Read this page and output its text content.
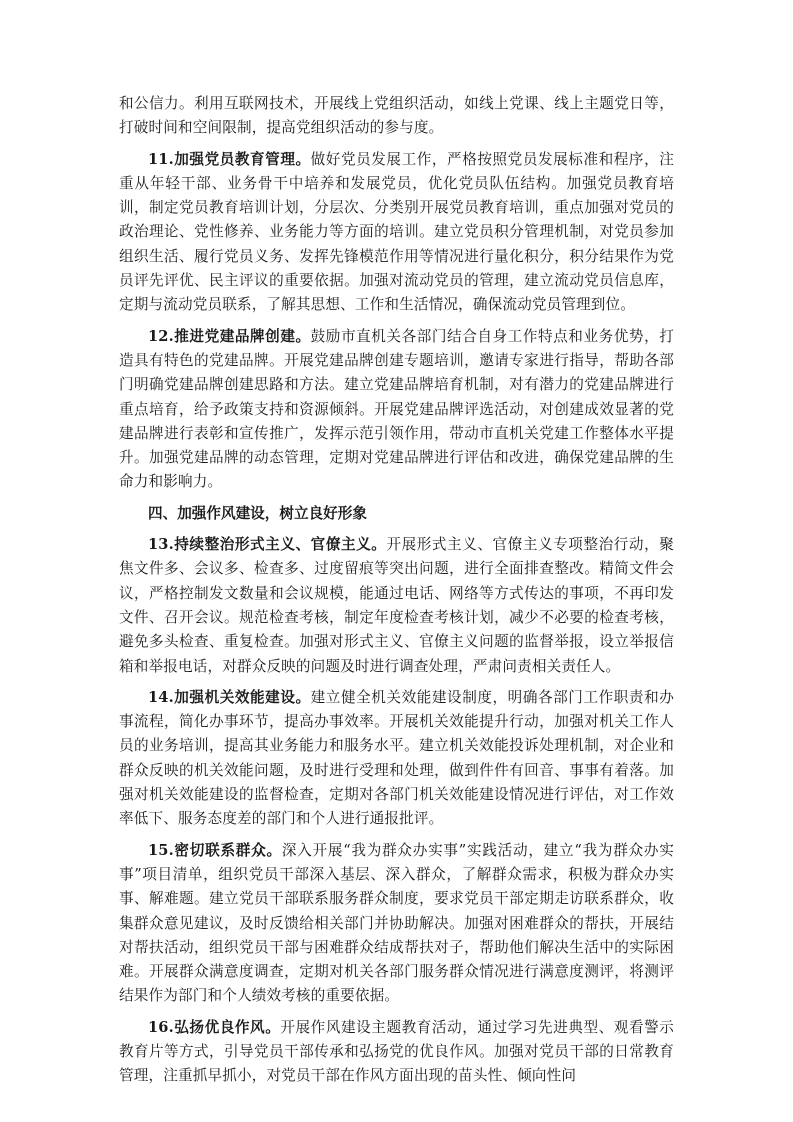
和公信力。利用互联网技术，开展线上党组织活动，如线上党课、线上主题党日等，打破时间和空间限制，提高党组织活动的参与度。

11.加强党员教育管理。做好党员发展工作，严格按照党员发展标准和程序，注重从年轻干部、业务骨干中培养和发展党员，优化党员队伍结构。加强党员教育培训，制定党员教育培训计划，分层次、分类别开展党员教育培训，重点加强对党员的政治理论、党性修养、业务能力等方面的培训。建立党员积分管理机制，对党员参加组织生活、履行党员义务、发挥先锋模范作用等情况进行量化积分，积分结果作为党员评先评优、民主评议的重要依据。加强对流动党员的管理，建立流动党员信息库，定期与流动党员联系，了解其思想、工作和生活情况，确保流动党员管理到位。

12.推进党建品牌创建。鼓励市直机关各部门结合自身工作特点和业务优势，打造具有特色的党建品牌。开展党建品牌创建专题培训，邀请专家进行指导，帮助各部门明确党建品牌创建思路和方法。建立党建品牌培育机制，对有潜力的党建品牌进行重点培育，给予政策支持和资源倾斜。开展党建品牌评选活动，对创建成效显著的党建品牌进行表彰和宣传推广，发挥示范引领作用，带动市直机关党建工作整体水平提升。加强党建品牌的动态管理，定期对党建品牌进行评估和改进，确保党建品牌的生命力和影响力。

四、加强作风建设，树立良好形象

13.持续整治形式主义、官僚主义。开展形式主义、官僚主义专项整治行动，聚焦文件多、会议多、检查多、过度留痕等突出问题，进行全面排查整改。精简文件会议，严格控制发文数量和会议规模，能通过电话、网络等方式传达的事项，不再印发文件、召开会议。规范检查考核，制定年度检查考核计划，减少不必要的检查考核，避免多头检查、重复检查。加强对形式主义、官僚主义问题的监督举报，设立举报信箱和举报电话，对群众反映的问题及时进行调查处理，严肃问责相关责任人。

14.加强机关效能建设。建立健全机关效能建设制度，明确各部门工作职责和办事流程，简化办事环节，提高办事效率。开展机关效能提升行动，加强对机关工作人员的业务培训，提高其业务能力和服务水平。建立机关效能投诉处理机制，对企业和群众反映的机关效能问题，及时进行受理和处理，做到件件有回音、事事有着落。加强对机关效能建设的监督检查，定期对各部门机关效能建设情况进行评估，对工作效率低下、服务态度差的部门和个人进行通报批评。

15.密切联系群众。深入开展“我为群众办实事”实践活动，建立“我为群众办实事”项目清单，组织党员干部深入基层、深入群众，了解群众需求，积极为群众办实事、解难题。建立党员干部联系服务群众制度，要求党员干部定期走访联系群众，收集群众意见建议，及时反馈给相关部门并协助解决。加强对困难群众的帮扶，开展结对帮扶活动，组织党员干部与困难群众结成帮扶对子，帮助他们解决生活中的实际困难。开展群众满意度调查，定期对机关各部门服务群众情况进行满意度测评，将测评结果作为部门和个人绩效考核的重要依据。

16.弘扬优良作风。开展作风建设主题教育活动，通过学习先进典型、观看警示教育片等方式，引导党员干部传承和弘扬党的优良作风。加强对党员干部的日常教育管理，注重抓早抓小，对党员干部在作风方面出现的苗头性、倾向性问
